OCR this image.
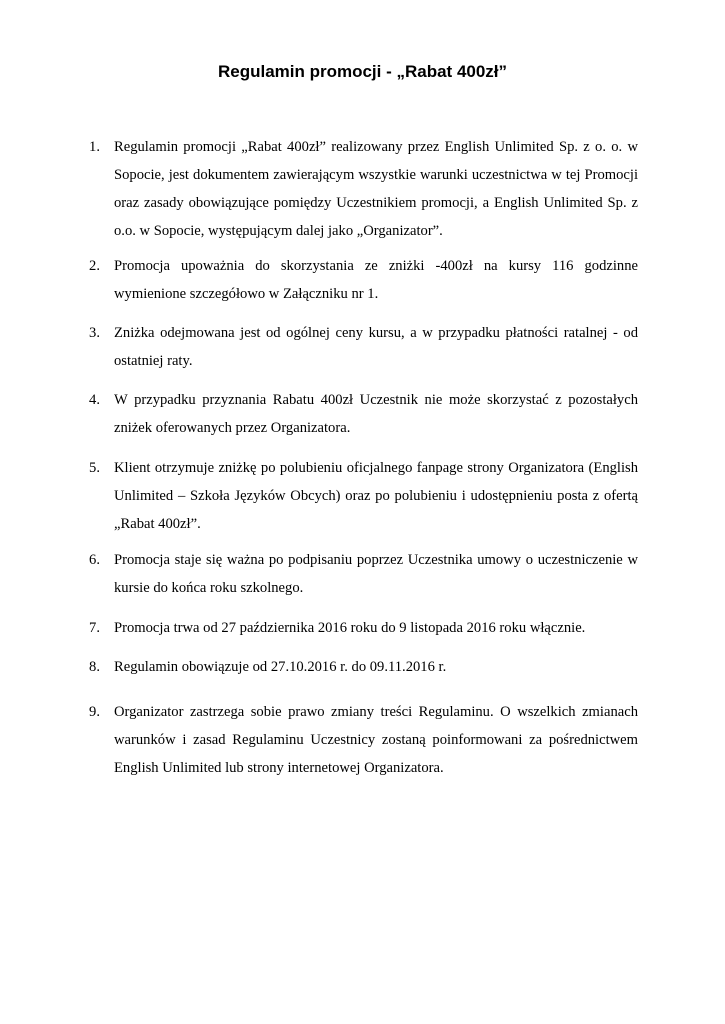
Regulamin promocji - „Rabat 400zł”
1. Regulamin promocji „Rabat 400zł” realizowany przez English Unlimited Sp. z o. o. w Sopocie, jest dokumentem zawierającym wszystkie warunki uczestnictwa w tej Promocji oraz zasady obowiązujące pomiędzy Uczestnikiem promocji, a English Unlimited Sp. z o.o. w Sopocie, występującym dalej jako „Organizator”.
2. Promocja upoważnia do skorzystania ze zniżki -400zł na kursy 116 godzinne wymienione szczegółowo w Załączniku nr 1.
3. Zniżka odejmowana jest od ogólnej ceny kursu, a w przypadku płatności ratalnej - od ostatniej raty.
4. W przypadku przyznania Rabatu 400zł Uczestnik nie może skorzystać z pozostałych zniżek oferowanych przez Organizatora.
5. Klient otrzymuje zniżkę po polubieniu oficjalnego fanpage strony Organizatora (English Unlimited – Szkoła Języków Obcych) oraz po polubieniu i udostępnieniu posta z ofertą „Rabat 400zł”.
6. Promocja staje się ważna po podpisaniu poprzez Uczestnika umowy o uczestniczenie w kursie do końca roku szkolnego.
7. Promocja trwa od 27 października 2016 roku do 9 listopada 2016 roku włącznie.
8. Regulamin obowiązuje od 27.10.2016 r. do 09.11.2016 r.
9. Organizator zastrzega sobie prawo zmiany treści Regulaminu. O wszelkich zmianach warunków i zasad Regulaminu Uczestnicy zostaną poinformowani za pośrednictwem English Unlimited lub strony internetowej Organizatora.
